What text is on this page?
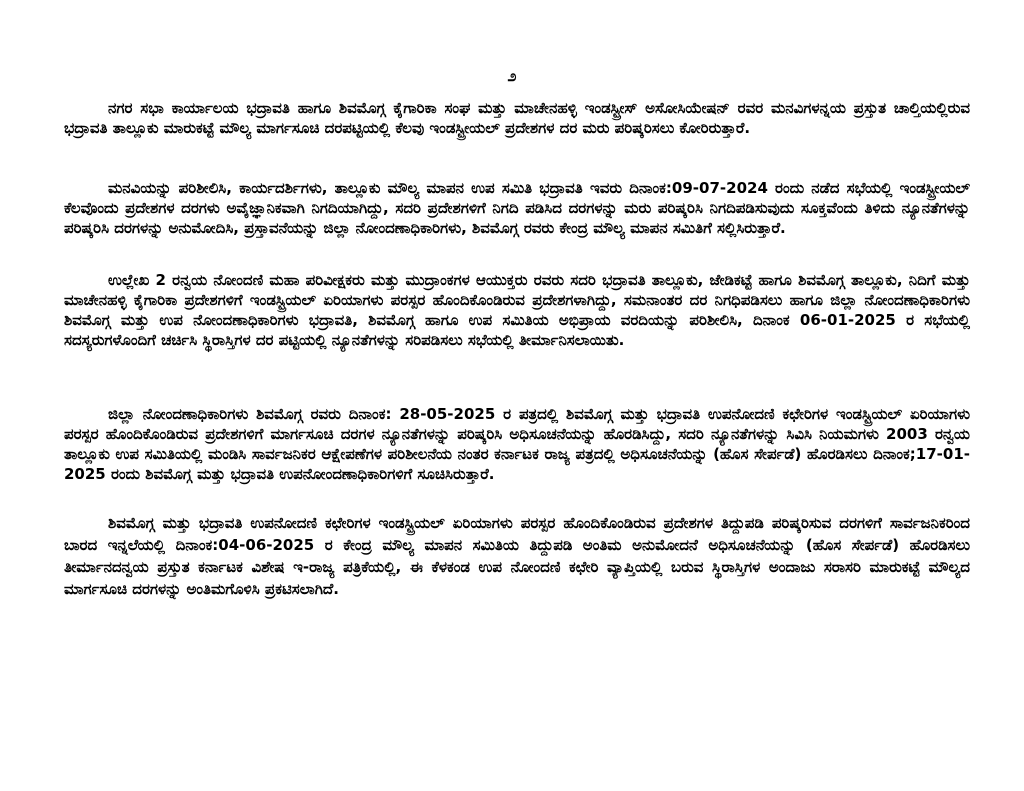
೨

ನಗರ ಸಭಾ ಕಾರ್ಯಾಲಯ ಭದ್ರಾವತಿ ಹಾಗೂ ಶಿವಮೊಗ್ಗ ಕೈಗಾರಿಕಾ ಸಂಘ ಮತ್ತು ಮಾಚೇನಹಳ್ಳಿ ಇಂಡಸ್ಟ್ರೀಸ್ ಅಸೋಸಿಯೇಷನ್ ರವರ ಮನವಿಗಳನ್ನಯ ಪ್ರಸ್ತುತ ಚಾಲ್ತಿಯಲ್ಲಿರುವ ಭದ್ರಾವತಿ ತಾಲ್ಲೂಕು ಮಾರುಕಟ್ಟೆ ಮೌಲ್ಯ ಮಾರ್ಗಸೂಚಿ ದರಪಟ್ಟಿಯಲ್ಲಿ ಕೆಲವು ಇಂಡಸ್ಟ್ರೀಯಲ್ ಪ್ರದೇಶಗಳ ದರ ಮರು ಪರಿಷ್ಕರಿಸಲು ಕೋರಿರುತ್ತಾರೆ.

ಮನವಿಯನ್ನು ಪರಿಶೀಲಿಸಿ, ಕಾರ್ಯದರ್ಶಿಗಳು, ತಾಲ್ಲೂಕು ಮೌಲ್ಯ ಮಾಪನ ಉಪ ಸಮಿತಿ ಭದ್ರಾವತಿ ಇವರು ದಿನಾಂಕ:09-07-2024 ರಂದು ನಡೆದ ಸಭೆಯಲ್ಲಿ ಇಂಡಸ್ಟ್ರೀಯಲ್ ಕೆಲವೊಂದು ಪ್ರದೇಶಗಳ ದರಗಳು ಅವೈಜ್ಞಾನಿಕವಾಗಿ ನಿಗದಿಯಾಗಿದ್ದು, ಸದರಿ ಪ್ರದೇಶಗಳಿಗೆ ನಿಗದಿ ಪಡಿಸಿದ ದರಗಳನ್ನು ಮರು ಪರಿಷ್ಕರಿಸಿ ನಿಗದಿಪಡಿಸುವುದು ಸೂಕ್ತವೆಂದು ತಿಳಿದು ನ್ಯೂನತೆಗಳನ್ನು ಪರಿಷ್ಕರಿಸಿ ದರಗಳನ್ನು ಅನುಮೋದಿಸಿ, ಪ್ರಸ್ತಾವನೆಯನ್ನು ಜಿಲ್ಲಾ ನೋಂದಣಾಧಿಕಾರಿಗಳು, ಶಿವಮೊಗ್ಗ ರವರು ಕೇಂದ್ರ ಮೌಲ್ಯ ಮಾಪನ ಸಮಿತಿಗೆ ಸಲ್ಲಿಸಿರುತ್ತಾರೆ.

ಉಲ್ಲೇಖ 2 ರನ್ವಯ ನೋಂದಣಿ ಮಹಾ ಪರಿವೀಕ್ಷಕರು ಮತ್ತು ಮುದ್ರಾಂಕಗಳ ಆಯುಕ್ತರು ರವರು ಸದರಿ ಭದ್ರಾವತಿ ತಾಲ್ಲೂಕು, ಜೇಡಿಕಟ್ಟೆ ಹಾಗೂ ಶಿವಮೊಗ್ಗ ತಾಲ್ಲೂಕು, ನಿದಿಗೆ ಮತ್ತು ಮಾಚೇನಹಳ್ಳಿ ಕೈಗಾರಿಕಾ ಪ್ರದೇಶಗಳಿಗೆ ಇಂಡಸ್ಟ್ರಿಯಲ್ ಏರಿಯಾಗಳು ಪರಸ್ಪರ ಹೊಂದಿಕೊಂಡಿರುವ ಪ್ರದೇಶಗಳಾಗಿದ್ದು, ಸಮನಾಂತರ ದರ ನಿಗಧಿಪಡಿಸಲು ಹಾಗೂ ಜಿಲ್ಲಾ ನೋಂದಣಾಧಿಕಾರಿಗಳು ಶಿವಮೊಗ್ಗ ಮತ್ತು ಉಪ ನೋಂದಣಾಧಿಕಾರಿಗಳು ಭದ್ರಾವತಿ, ಶಿವಮೊಗ್ಗ ಹಾಗೂ ಉಪ ಸಮಿತಿಯ ಅಭಿಪ್ರಾಯ ವರದಿಯನ್ನು ಪರಿಶೀಲಿಸಿ, ದಿನಾಂಕ 06-01-2025 ರ ಸಭೆಯಲ್ಲಿ ಸದಸ್ಯರುಗಳೊಂದಿಗೆ ಚರ್ಚಿಸಿ ಸ್ಥಿರಾಸ್ತಿಗಳ ದರ ಪಟ್ಟಿಯಲ್ಲಿ ನ್ಯೂನತೆಗಳನ್ನು ಸರಿಪಡಿಸಲು ಸಭೆಯಲ್ಲಿ ತೀರ್ಮಾನಿಸಲಾಯಿತು.

ಜಿಲ್ಲಾ ನೋಂದಣಾಧಿಕಾರಿಗಳು ಶಿವಮೊಗ್ಗ ರವರು ದಿನಾಂಕ: 28-05-2025 ರ ಪತ್ರದಲ್ಲಿ ಶಿವಮೊಗ್ಗ ಮತ್ತು ಭದ್ರಾವತಿ ಉಪನೋದಣಿ ಕಛೇರಿಗಳ ಇಂಡಸ್ಟ್ರಿಯಲ್ ಏರಿಯಾಗಳು ಪರಸ್ಪರ ಹೊಂದಿಕೊಂಡಿರುವ ಪ್ರದೇಶಗಳಿಗೆ ಮಾರ್ಗಸೂಚಿ ದರಗಳ ನ್ಯೂನತೆಗಳನ್ನು ಪರಿಷ್ಕರಿಸಿ ಅಧಿಸೂಚನೆಯನ್ನು ಹೊರಡಿಸಿದ್ದು, ಸದರಿ ನ್ಯೂನತೆಗಳನ್ನು ಸಿವಿಸಿ ನಿಯಮಗಳು 2003 ರನ್ವಯ ತಾಲ್ಲೂಕು ಉಪ ಸಮಿತಿಯಲ್ಲಿ ಮಂಡಿಸಿ ಸಾರ್ವಜನಿಕರ ಆಕ್ಷೇಪಣೆಗಳ ಪರಿಶೀಲನೆಯ ನಂತರ ಕರ್ನಾಟಕ ರಾಜ್ಯ ಪತ್ರದಲ್ಲಿ ಅಧಿಸೂಚನೆಯನ್ನು (ಹೊಸ ಸೇರ್ಪಡೆ) ಹೊರಡಿಸಲು ದಿನಾಂಕ;17-01-2025 ರಂದು ಶಿವಮೊಗ್ಗ ಮತ್ತು ಭದ್ರಾವತಿ ಉಪನೋಂದಣಾಧಿಕಾರಿಗಳಿಗೆ ಸೂಚಿಸಿರುತ್ತಾರೆ.

ಶಿವಮೊಗ್ಗ ಮತ್ತು ಭದ್ರಾವತಿ ಉಪನೋದಣಿ ಕಛೇರಿಗಳ ಇಂಡಸ್ಟ್ರಿಯಲ್ ಏರಿಯಾಗಳು ಪರಸ್ಪರ ಹೊಂದಿಕೊಂಡಿರುವ ಪ್ರದೇಶಗಳ ತಿದ್ದುಪಡಿ ಪರಿಷ್ಕರಿಸುವ ದರಗಳಿಗೆ ಸಾರ್ವಜನಿಕರಿಂದ ಬಾರದ ಇನ್ನಲೆಯಲ್ಲಿ ದಿನಾಂಕ:04-06-2025 ರ ಕೇಂದ್ರ ಮೌಲ್ಯ ಮಾಪನ ಸಮಿತಿಯ ತಿದ್ದುಪಡಿ ಅಂತಿಮ ಅನುಮೋದನೆ ಅಧಿಸೂಚನೆಯನ್ನು (ಹೊಸ ಸೇರ್ಪಡೆ) ಹೊರಡಿಸಲು ತೀರ್ಮಾನದನ್ವಯ ಪ್ರಸ್ತುತ ಕರ್ನಾಟಕ ವಿಶೇಷ ಇ-ರಾಜ್ಯ ಪತ್ರಿಕೆಯಲ್ಲಿ, ಈ ಕೆಳಕಂಡ ಉಪ ನೋಂದಣಿ ಕಛೇರಿ ವ್ಯಾಪ್ತಿಯಲ್ಲಿ ಬರುವ ಸ್ಥಿರಾಸ್ತಿಗಳ ಅಂದಾಜು ಸರಾಸರಿ ಮಾರುಕಟ್ಟೆ ಮೌಲ್ಯದ ಮಾರ್ಗಸೂಚಿ ದರಗಳನ್ನು ಅಂತಿಮಗೊಳಿಸಿ ಪ್ರಕಟಿಸಲಾಗಿದೆ.
